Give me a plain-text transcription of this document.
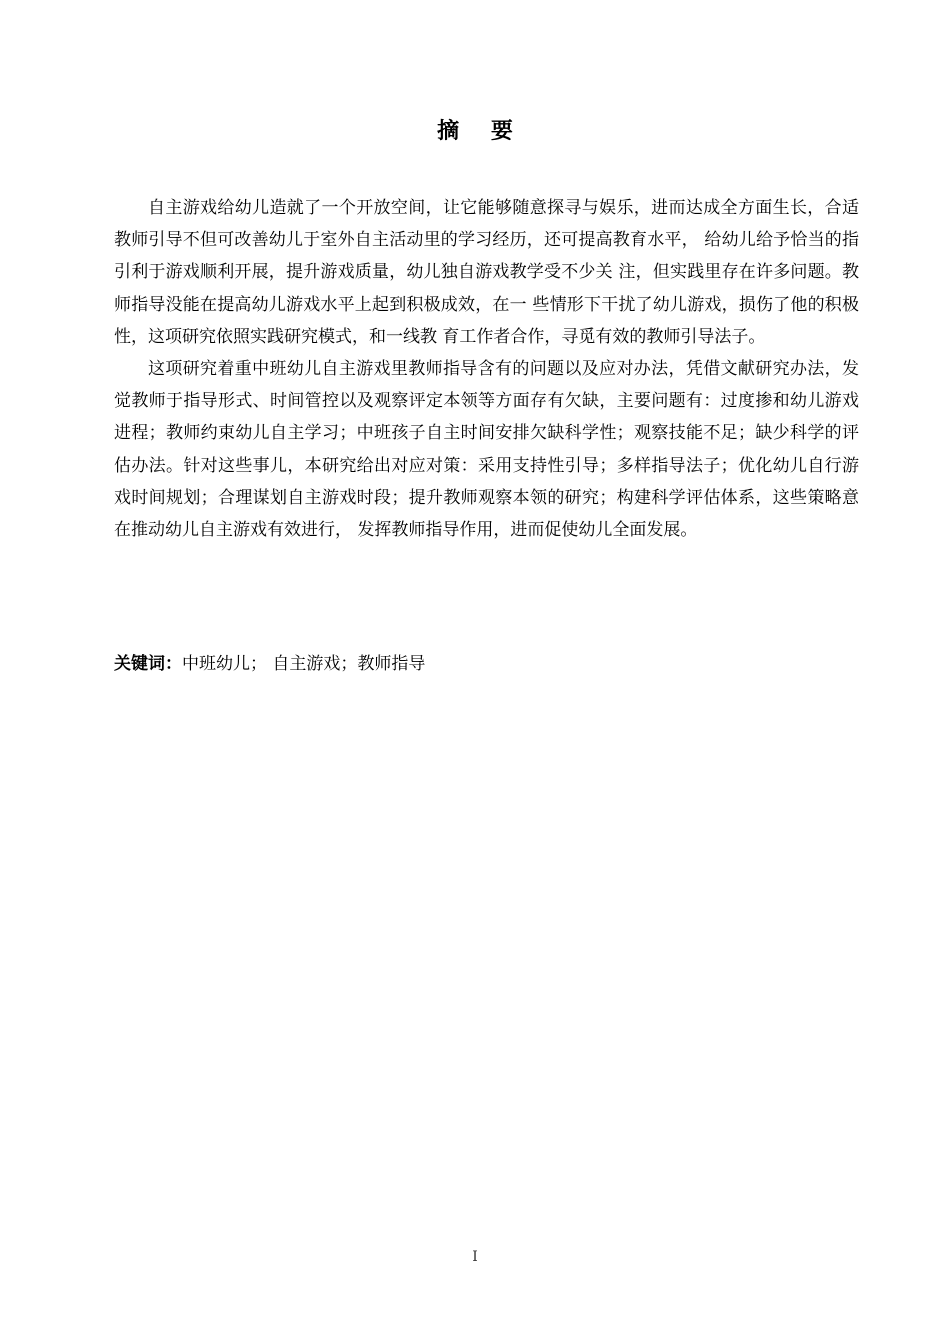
摘 要

自主游戏给幼儿造就了一个开放空间，让它能够随意探寻与娱乐，进而达成全方面生长，合适教师引导不但可改善幼儿于室外自主活动里的学习经历，还可提高教育水平， 给幼儿给予恰当的指引利于游戏顺利开展，提升游戏质量，幼儿独自游戏教学受不少关 注，但实践里存在许多问题。教师指导没能在提高幼儿游戏水平上起到积极成效，在一 些情形下干扰了幼儿游戏，损伤了他的积极性，这项研究依照实践研究模式，和一线教 育工作者合作，寻觅有效的教师引导法子。

这项研究着重中班幼儿自主游戏里教师指导含有的问题以及应对办法，凭借文献研究办法，发觉教师于指导形式、时间管控以及观察评定本领等方面存有欠缺，主要问题有：过度掺和幼儿游戏进程；教师约束幼儿自主学习；中班孩子自主时间安排欠缺科学性；观察技能不足；缺少科学的评估办法。针对这些事儿，本研究给出对应对策：采用支持性引导；多样指导法子；优化幼儿自行游戏时间规划；合理谋划自主游戏时段；提升教师观察本领的研究；构建科学评估体系，这些策略意在推动幼儿自主游戏有效进行， 发挥教师指导作用，进而促使幼儿全面发展。

关键词：中班幼儿； 自主游戏；教师指导
I
